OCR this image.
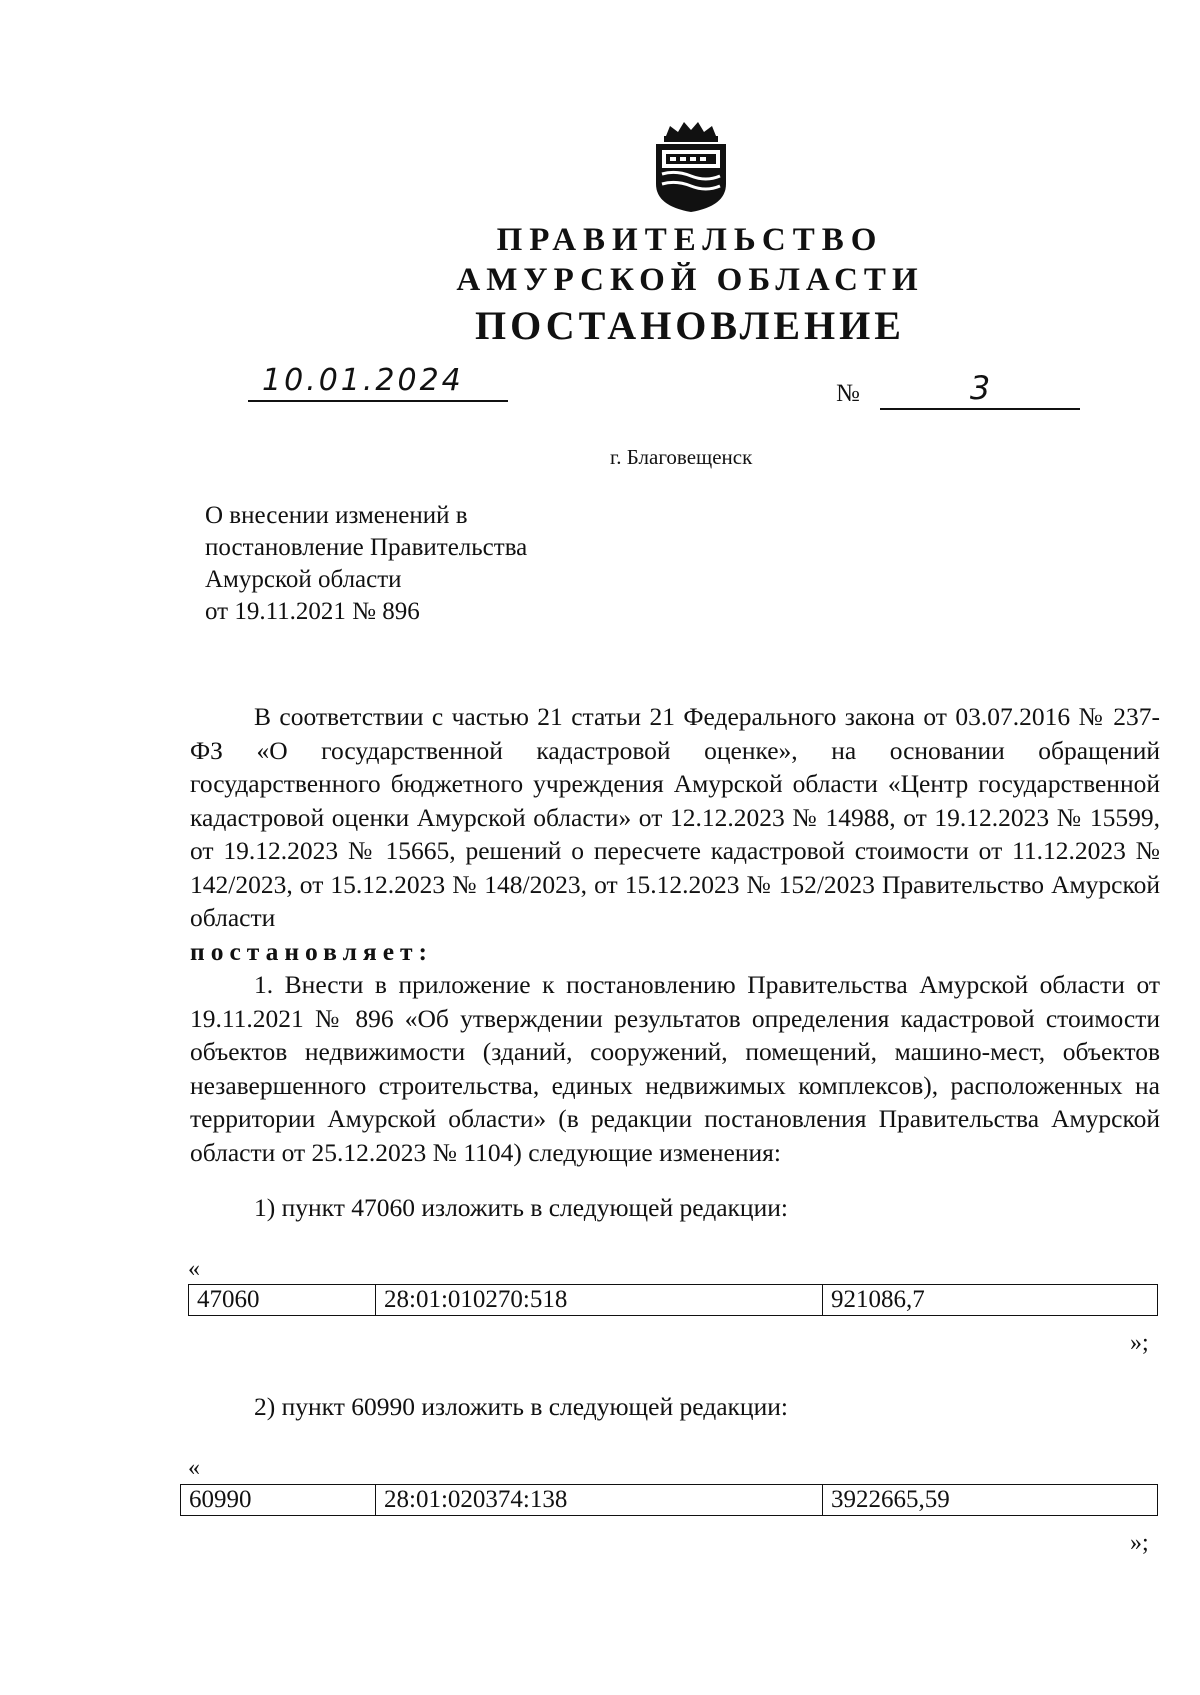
ПРАВИТЕЛЬСТВО
АМУРСКОЙ ОБЛАСТИ
ПОСТАНОВЛЕНИЕ
10.01.2024	№	3
г. Благовещенск
О внесении изменений в
постановление Правительства
Амурской области
от 19.11.2021 № 896
В соответствии с частью 21 статьи 21 Федерального закона от 03.07.2016 № 237-ФЗ «О государственной кадастровой оценке», на основании обращений государственного бюджетного учреждения Амурской области «Центр государственной кадастровой оценки Амурской области» от 12.12.2023 № 14988, от 19.12.2023 № 15599, от 19.12.2023 № 15665, решений о пересчете кадастровой стоимости от 11.12.2023 № 142/2023, от 15.12.2023 № 148/2023, от 15.12.2023 № 152/2023 Правительство Амурской области
постановляет:
1. Внести в приложение к постановлению Правительства Амурской области от 19.11.2021 № 896 «Об утверждении результатов определения кадастровой стоимости объектов недвижимости (зданий, сооружений, помещений, машино-мест, объектов незавершенного строительства, единых недвижимых комплексов), расположенных на территории Амурской области» (в редакции постановления Правительства Амурской области от 25.12.2023 № 1104) следующие изменения:
1) пункт 47060 изложить в следующей редакции:
«
47060	28:01:010270:518	921086,7
»;
2) пункт 60990 изложить в следующей редакции:
«
60990	28:01:020374:138	3922665,59
»;
